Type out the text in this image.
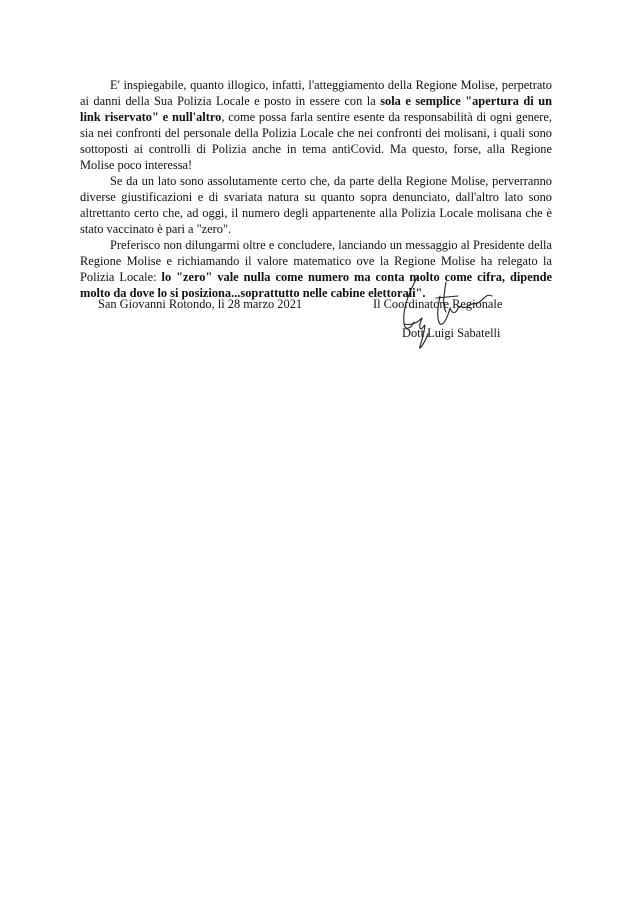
E' inspiegabile, quanto illogico, infatti, l'atteggiamento della Regione Molise, perpetrato ai danni della Sua Polizia Locale e posto in essere con la sola e semplice "apertura di un link riservato" e null'altro, come possa farla sentire esente da responsabilità di ogni genere, sia nei confronti del personale della Polizia Locale che nei confronti dei molisani, i quali sono sottoposti ai controlli di Polizia anche in tema antiCovid. Ma questo, forse, alla Regione Molise poco interessa!

Se da un lato sono assolutamente certo che, da parte della Regione Molise, perverranno diverse giustificazioni e di svariata natura su quanto sopra denunciato, dall'altro lato sono altrettanto certo che, ad oggi, il numero degli appartenente alla Polizia Locale molisana che è stato vaccinato è pari a "zero".

Preferisco non dilungarmi oltre e concludere, lanciando un messaggio al Presidente della Regione Molise e richiamando il valore matematico ove la Regione Molise ha relegato la Polizia Locale: lo "zero" vale nulla come numero ma conta molto come cifra, dipende molto da dove lo si posiziona...soprattutto nelle cabine elettorali".

San Giovanni Rotondo, lì 28 marzo 2021	Il Coordinatore Regionale
Dott Luigi Sabatelli
